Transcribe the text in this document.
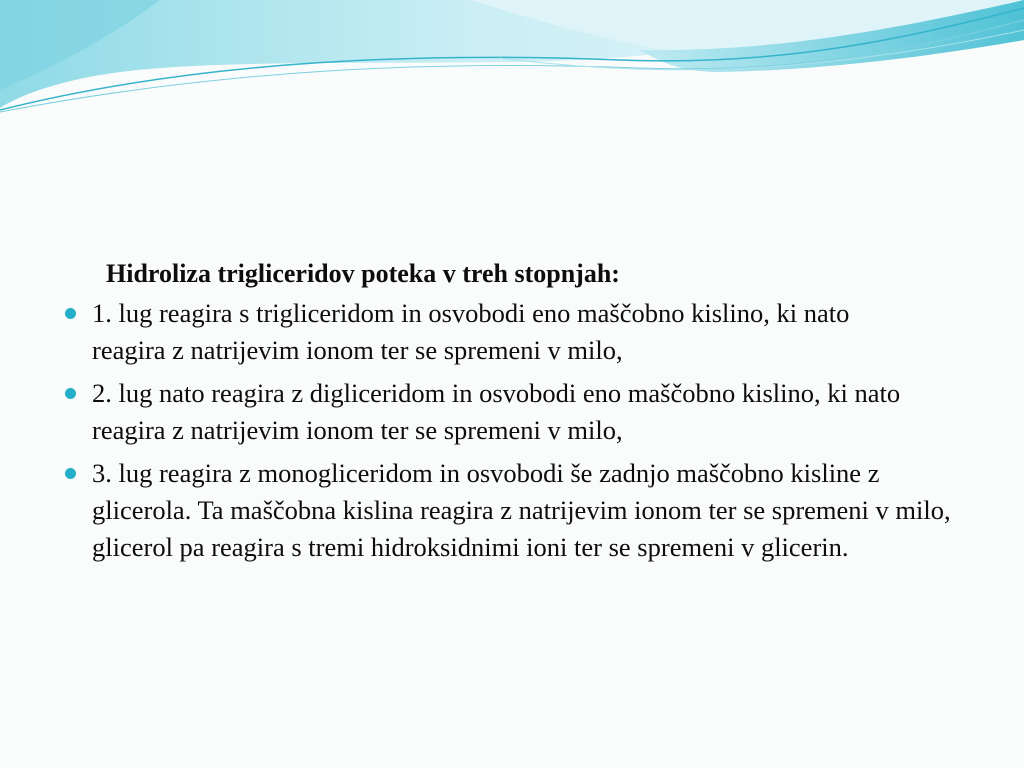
Hidroliza trigliceridov poteka v treh stopnjah:
1. lug reagira s trigliceridom in osvobodi eno maščobno kislino, ki natoreagira z natrijevim ionom ter se spremeni v milo,
2. lug nato reagira z digliceridom in osvobodi eno maščobno kislino, ki nato reagira z natrijevim ionom ter se spremeni v milo,
3. lug reagira z monogliceridom in osvobodi še zadnjo maščobno kisline z glicerola. Ta maščobna kislina reagira z natrijevim ionom ter se spremeni v milo, glicerol pa reagira s tremi hidroksidnimi ioni ter se spremeni v glicerin.
